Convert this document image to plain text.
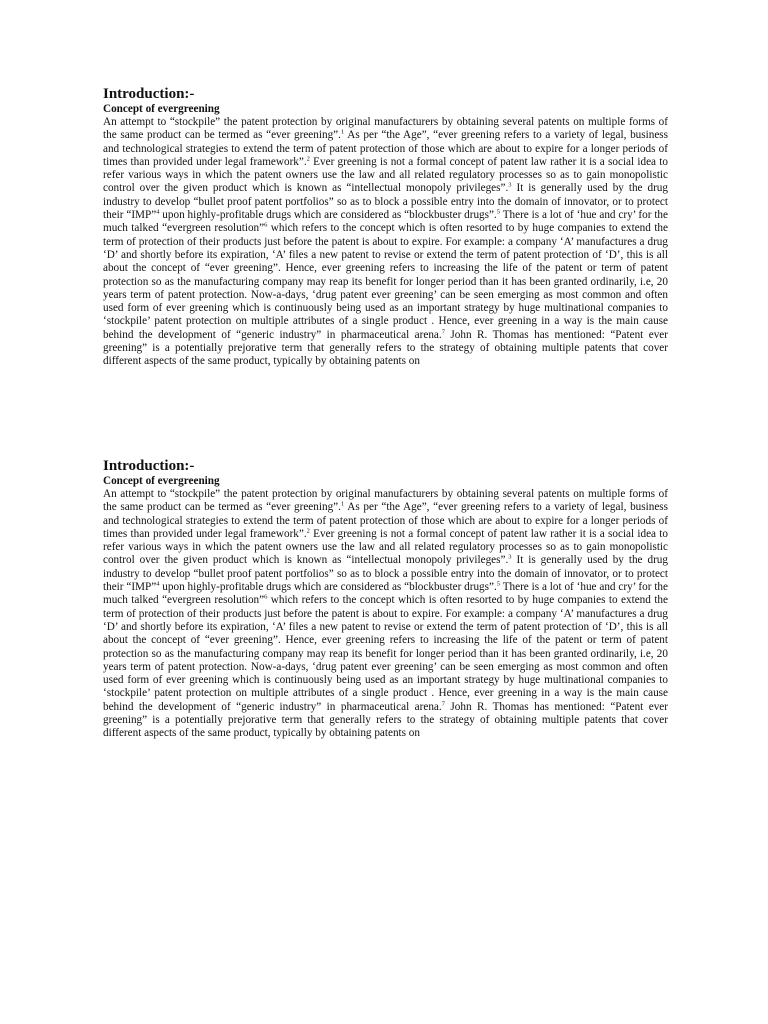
Introduction:-
Concept of evergreening

An attempt to “stockpile” the patent protection by original manufacturers by obtaining several patents on multiple forms of the same product can be termed as “ever greening”.$^1$ As per “the Age”, “ever greening refers to a variety of legal, business and technological strategies to extend the term of patent protection of those which are about to expire for a longer periods of times than provided under legal framework”.$^2$ Ever greening is not a formal concept of patent law rather it is a social idea to refer various ways in which the patent owners use the law and all related regulatory processes so as to gain monopolistic control over the given product which is known as “intellectual monopoly privileges”.$^3$ It is generally used by the drug industry to develop “bullet proof patent portfolios” so as to block a possible entry into the domain of innovator, or to protect their “IMP”$^4$ upon highly-profitable drugs which are considered as “blockbuster drugs”.$^5$ There is a lot of ‘hue and cry’ for the much talked “evergreen resolution”$^6$ which refers to the concept which is often resorted to by huge companies to extend the term of protection of their products just before the patent is about to expire. For example: a company ‘A’ manufactures a drug ‘D’ and shortly before its expiration, ‘A’ files a new patent to revise or extend the term of patent protection of ‘D’, this is all about the concept of “ever greening”. Hence, ever greening refers to increasing the life of the patent or term of patent protection so as the manufacturing company may reap its benefit for longer period than it has been granted ordinarily, i.e, 20 years term of patent protection. Now-a-days, ‘drug patent ever greening’ can be seen emerging as most common and often used form of ever greening which is continuously being used as an important strategy by huge multinational companies to ‘stockpile’ patent protection on multiple attributes of a single product . Hence, ever greening in a way is the main cause behind the development of “generic industry” in pharmaceutical arena.$^7$ John R. Thomas has mentioned: “Patent ever greening” is a potentially prejorative term that generally refers to the strategy of obtaining multiple patents that cover different aspects of the same product, typically by obtaining patents on

Introduction:-
Concept of evergreening

An attempt to “stockpile” the patent protection by original manufacturers by obtaining several patents on multiple forms of the same product can be termed as “ever greening”.$^1$ As per “the Age”, “ever greening refers to a variety of legal, business and technological strategies to extend the term of patent protection of those which are about to expire for a longer periods of times than provided under legal framework”.$^2$ Ever greening is not a formal concept of patent law rather it is a social idea to refer various ways in which the patent owners use the law and all related regulatory processes so as to gain monopolistic control over the given product which is known as “intellectual monopoly privileges”.$^3$ It is generally used by the drug industry to develop “bullet proof patent portfolios” so as to block a possible entry into the domain of innovator, or to protect their “IMP”$^4$ upon highly-profitable drugs which are considered as “blockbuster drugs”.$^5$ There is a lot of ‘hue and cry’ for the much talked “evergreen resolution”$^6$ which refers to the concept which is often resorted to by huge companies to extend the term of protection of their products just before the patent is about to expire. For example: a company ‘A’ manufactures a drug ‘D’ and shortly before its expiration, ‘A’ files a new patent to revise or extend the term of patent protection of ‘D’, this is all about the concept of “ever greening”. Hence, ever greening refers to increasing the life of the patent or term of patent protection so as the manufacturing company may reap its benefit for longer period than it has been granted ordinarily, i.e, 20 years term of patent protection. Now-a-days, ‘drug patent ever greening’ can be seen emerging as most common and often used form of ever greening which is continuously being used as an important strategy by huge multinational companies to ‘stockpile’ patent protection on multiple attributes of a single product . Hence, ever greening in a way is the main cause behind the development of “generic industry” in pharmaceutical arena.$^7$ John R. Thomas has mentioned: “Patent ever greening” is a potentially prejorative term that generally refers to the strategy of obtaining multiple patents that cover different aspects of the same product, typically by obtaining patents on
